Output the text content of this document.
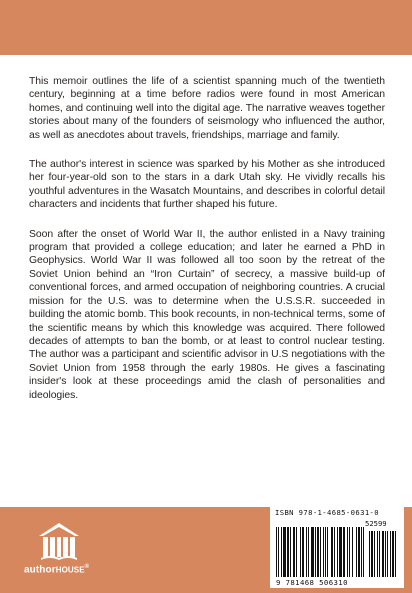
This memoir outlines the life of a scientist spanning much of the twentieth century, beginning at a time before radios were found in most American homes, and continuing well into the digital age. The narrative weaves together stories about many of the founders of seismology who influenced the author, as well as anecdotes about travels, friendships, marriage and family.

The author's interest in science was sparked by his Mother as she introduced her four-year-old son to the stars in a dark Utah sky. He vividly recalls his youthful adventures in the Wasatch Mountains, and describes in colorful detail characters and incidents that further shaped his future.

Soon after the onset of World War II, the author enlisted in a Navy training program that provided a college education; and later he earned a PhD in Geophysics. World War II was followed all too soon by the retreat of the Soviet Union behind an “Iron Curtain” of secrecy, a massive build-up of conventional forces, and armed occupation of neighboring countries. A crucial mission for the U.S. was to determine when the U.S.S.R. succeeded in building the atomic bomb. This book recounts, in non-technical terms, some of the scientific means by which this knowledge was acquired. There followed decades of attempts to ban the bomb, or at least to control nuclear testing. The author was a participant and scientific advisor in U.S negotiations with the Soviet Union from 1958 through the early 1980s. He gives a fascinating insider's look at these proceedings amid the clash of personalities and ideologies.

authorHOUSE®
ISBN 978-1-4685-0631-0
52599
9 781468 506310
